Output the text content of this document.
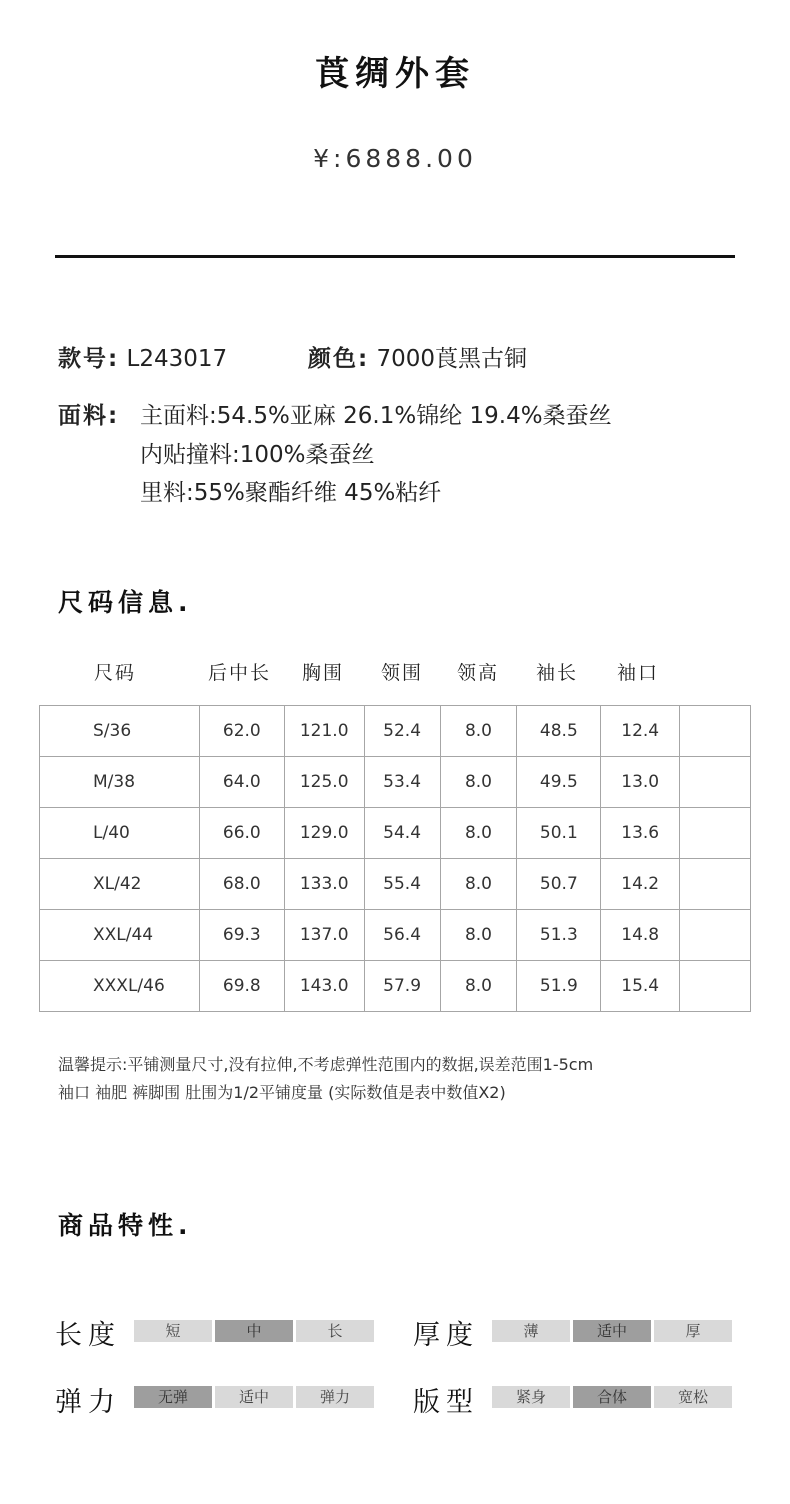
莨绸外套
¥:6888.00
款号: L243017	颜色: 7000莨黑古铜
面料: 主面料:54.5%亚麻 26.1%锦纶 19.4%桑蚕丝
内贴撞料:100%桑蚕丝
里料:55%聚酯纤维 45%粘纤
尺码信息.
尺码	后中长 胸围 领围 领高 袖长 袖口
S/36	62.0	121.0	52.4	8.0	48.5	12.4	
M/38	64.0	125.0	53.4	8.0	49.5	13.0	
L/40	66.0	129.0	54.4	8.0	50.1	13.6	
XL/42	68.0	133.0	55.4	8.0	50.7	14.2	
XXL/44	69.3	137.0	56.4	8.0	51.3	14.8	
XXXL/46	69.8	143.0	57.9	8.0	51.9	15.4	
温馨提示:平铺测量尺寸,没有拉伸,不考虑弹性范围内的数据,误差范围1-5cm
袖口 袖肥 裤脚围 肚围为1/2平铺度量 (实际数值是表中数值X2)
商品特性.
长度	短	中	长	厚度	薄	适中	厚
弹力	无弹	适中	弹力	版型	紧身	合体	宽松
